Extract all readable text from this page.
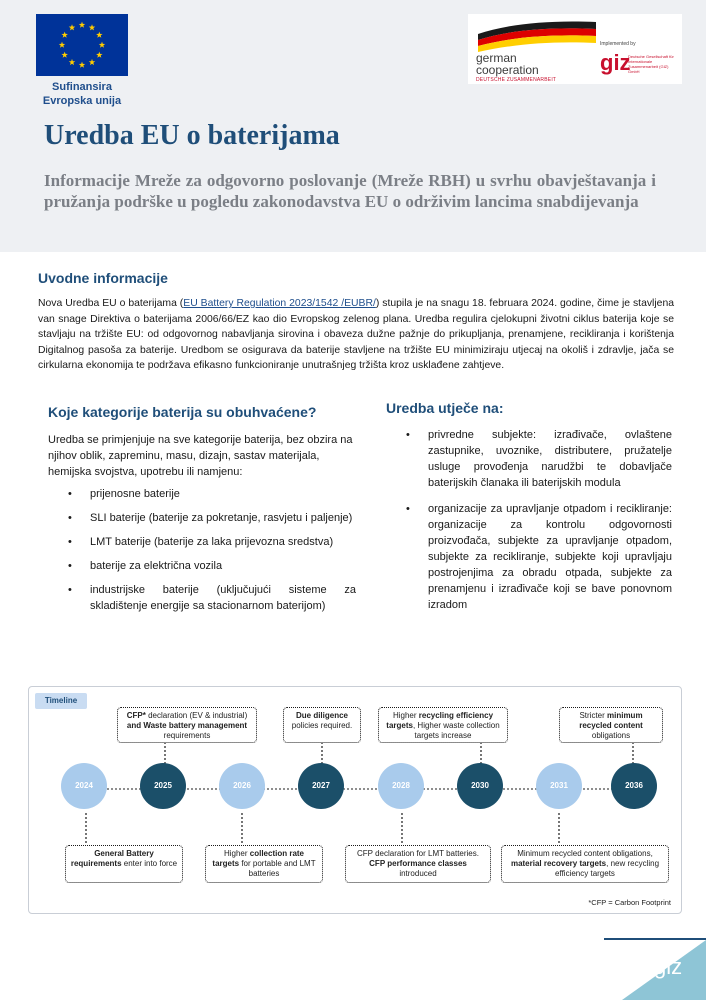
Sufinansira
Evropska unija
german
cooperation
DEUTSCHE ZUSAMMENARBEIT
Implemented by
giz
Deutsche Gesellschaft für Internationale Zusammenarbeit (GIZ) GmbH
Uredba EU o baterijama
Informacije Mreže za odgovorno poslovanje (Mreže RBH) u svrhu obavještavanja i pružanja podrške u pogledu zakonodavstva EU o održivim lancima snabdijevanja
Uvodne informacije
Nova Uredba EU o baterijama (EU Battery Regulation 2023/1542 /EUBR/) stupila je na snagu 18. februara 2024. godine, čime je stavljena van snage Direktiva o baterijama 2006/66/EZ kao dio Evropskog zelenog plana. Uredba regulira cjelokupni životni ciklus baterija koje se stavljaju na tržište EU: od odgovornog nabavljanja sirovina i obaveza dužne pažnje do prikupljanja, prenamjene, recikliranja i korištenja Digitalnog pasoša za baterije. Uredbom se osigurava da baterije stavljene na tržište EU minimiziraju utjecaj na okoliš i zdravlje, jača se cirkularna ekonomija te podržava efikasno funkcioniranje unutrašnjeg tržišta kroz usklađene zahtjeve.
Koje kategorije baterija su obuhvaćene?
Uredba se primjenjuje na sve kategorije baterija, bez obzira na njihov oblik, zapreminu, masu, dizajn, sastav materijala, hemijska svojstva, upotrebu ili namjenu:
• prijenosne baterije
• SLI baterije (baterije za pokretanje, rasvjetu i paljenje)
• LMT baterije (baterije za laka prijevozna sredstva)
• baterije za električna vozila
• industrijske baterije (uključujući sisteme za skladištenje energije sa stacionarnom baterijom)
Uredba utječe na:
• privredne subjekte: izrađivače, ovlaštene zastupnike, uvoznike, distributere, pružatelje usluge provođenja narudžbi te dobavljače baterijskih članaka ili baterijskih modula
• organizacije za upravljanje otpadom i recikliranje: organizacije za kontrolu odgovornosti proizvođača, subjekte za upravljanje otpadom, subjekte za recikliranje, subjekte koji upravljaju postrojenjima za obradu otpada, subjekte za prenamjenu i izrađivače koji se bave ponovnom izradom
Timeline
CFP* declaration (EV & industrial) and Waste battery management requirements
Due diligence policies required.
Higher recycling efficiency targets, Higher waste collection targets increase
Stricter minimum recycled content obligations
2024	2025	2026	2027	2028	2030	2031	2036
General Battery requirements enter into force
Higher collection rate targets for portable and LMT batteries
CFP declaration for LMT batteries. CFP performance classes introduced
Minimum recycled content obligations, material recovery targets, new recycling efficiency targets
*CFP = Carbon Footprint
giz
